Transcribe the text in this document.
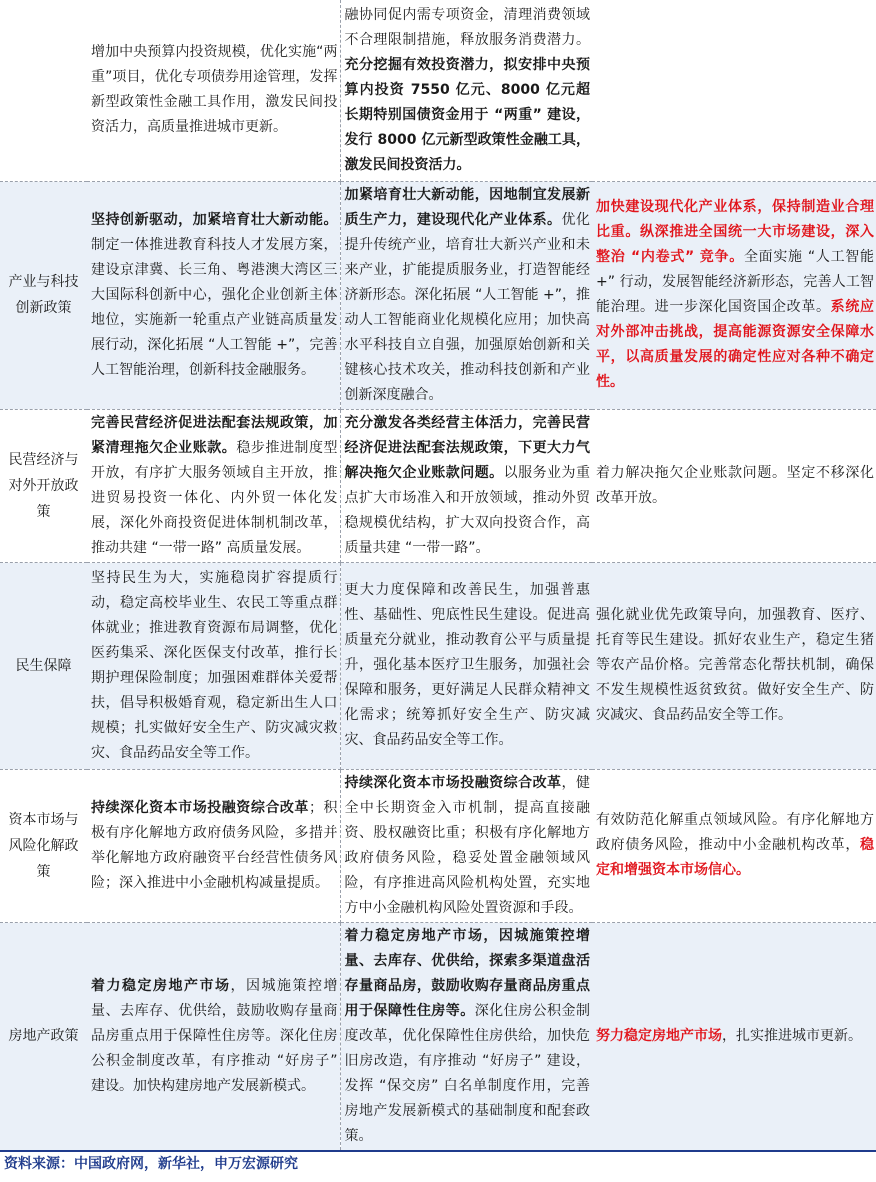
	增加中央预算内投资规模，优化实施“两重”项目，优化专项债券用途管理，发挥新型政策性金融工具作用，激发民间投资活力，高质量推进城市更新。	融协同促内需专项资金，清理消费领域不合理限制措施，释放服务消费潜力。充分挖掘有效投资潜力，拟安排中央预算内投资 7550 亿元、8000 亿元超长期特别国债资金用于 “两重” 建设，发行 8000 亿元新型政策性金融工具，激发民间投资活力。	
产业与科技创新政策	坚持创新驱动，加紧培育壮大新动能。制定一体推进教育科技人才发展方案，建设京津冀、长三角、粤港澳大湾区三大国际科创新中心，强化企业创新主体地位，实施新一轮重点产业链高质量发展行动，深化拓展 “人工智能 +”，完善人工智能治理，创新科技金融服务。	加紧培育壮大新动能，因地制宜发展新质生产力，建设现代化产业体系。优化提升传统产业，培育壮大新兴产业和未来产业，扩能提质服务业，打造智能经济新形态。深化拓展 “人工智能 +”，推动人工智能商业化规模化应用；加快高水平科技自立自强，加强原始创新和关键核心技术攻关，推动科技创新和产业创新深度融合。	加快建设现代化产业体系，保持制造业合理比重。纵深推进全国统一大市场建设，深入整治 “内卷式” 竞争。全面实施 “人工智能 +” 行动，发展智能经济新形态，完善人工智能治理。进一步深化国资国企改革。系统应对外部冲击挑战，提高能源资源安全保障水平，以高质量发展的确定性应对各种不确定性。
民营经济与对外开放政策	完善民营经济促进法配套法规政策，加紧清理拖欠企业账款。稳步推进制度型开放，有序扩大服务领域自主开放，推进贸易投资一体化、内外贸一体化发展，深化外商投资促进体制机制改革，推动共建 “一带一路” 高质量发展。	充分激发各类经营主体活力，完善民营经济促进法配套法规政策，下更大力气解决拖欠企业账款问题。以服务业为重点扩大市场准入和开放领域，推动外贸稳规模优结构，扩大双向投资合作，高质量共建 “一带一路”。	着力解决拖欠企业账款问题。坚定不移深化改革开放。
民生保障	坚持民生为大，实施稳岗扩容提质行动，稳定高校毕业生、农民工等重点群体就业；推进教育资源布局调整，优化医药集采、深化医保支付改革，推行长期护理保险制度；加强困难群体关爱帮扶，倡导积极婚育观，稳定新出生人口规模；扎实做好安全生产、防灾减灾救灾、食品药品安全等工作。	更大力度保障和改善民生，加强普惠性、基础性、兜底性民生建设。促进高质量充分就业，推动教育公平与质量提升，强化基本医疗卫生服务，加强社会保障和服务，更好满足人民群众精神文化需求；统筹抓好安全生产、防灾减灾、食品药品安全等工作。	强化就业优先政策导向，加强教育、医疗、托育等民生建设。抓好农业生产，稳定生猪等农产品价格。完善常态化帮扶机制，确保不发生规模性返贫致贫。做好安全生产、防灾减灾、食品药品安全等工作。
资本市场与风险化解政策	持续深化资本市场投融资综合改革；积极有序化解地方政府债务风险，多措并举化解地方政府融资平台经营性债务风险；深入推进中小金融机构减量提质。	持续深化资本市场投融资综合改革，健全中长期资金入市机制，提高直接融资、股权融资比重；积极有序化解地方政府债务风险，稳妥处置金融领域风险，有序推进高风险机构处置，充实地方中小金融机构风险处置资源和手段。	有效防范化解重点领域风险。有序化解地方政府债务风险，推动中小金融机构改革，稳定和增强资本市场信心。
房地产政策	着力稳定房地产市场，因城施策控增量、去库存、优供给，鼓励收购存量商品房重点用于保障性住房等。深化住房公积金制度改革，有序推动 “好房子” 建设。加快构建房地产发展新模式。	着力稳定房地产市场，因城施策控增量、去库存、优供给，探索多渠道盘活存量商品房，鼓励收购存量商品房重点用于保障性住房等。深化住房公积金制度改革，优化保障性住房供给，加快危旧房改造，有序推动 “好房子” 建设，发挥 “保交房” 白名单制度作用，完善房地产发展新模式的基础制度和配套政策。	努力稳定房地产市场，扎实推进城市更新。
资料来源：中国政府网，新华社，申万宏源研究
